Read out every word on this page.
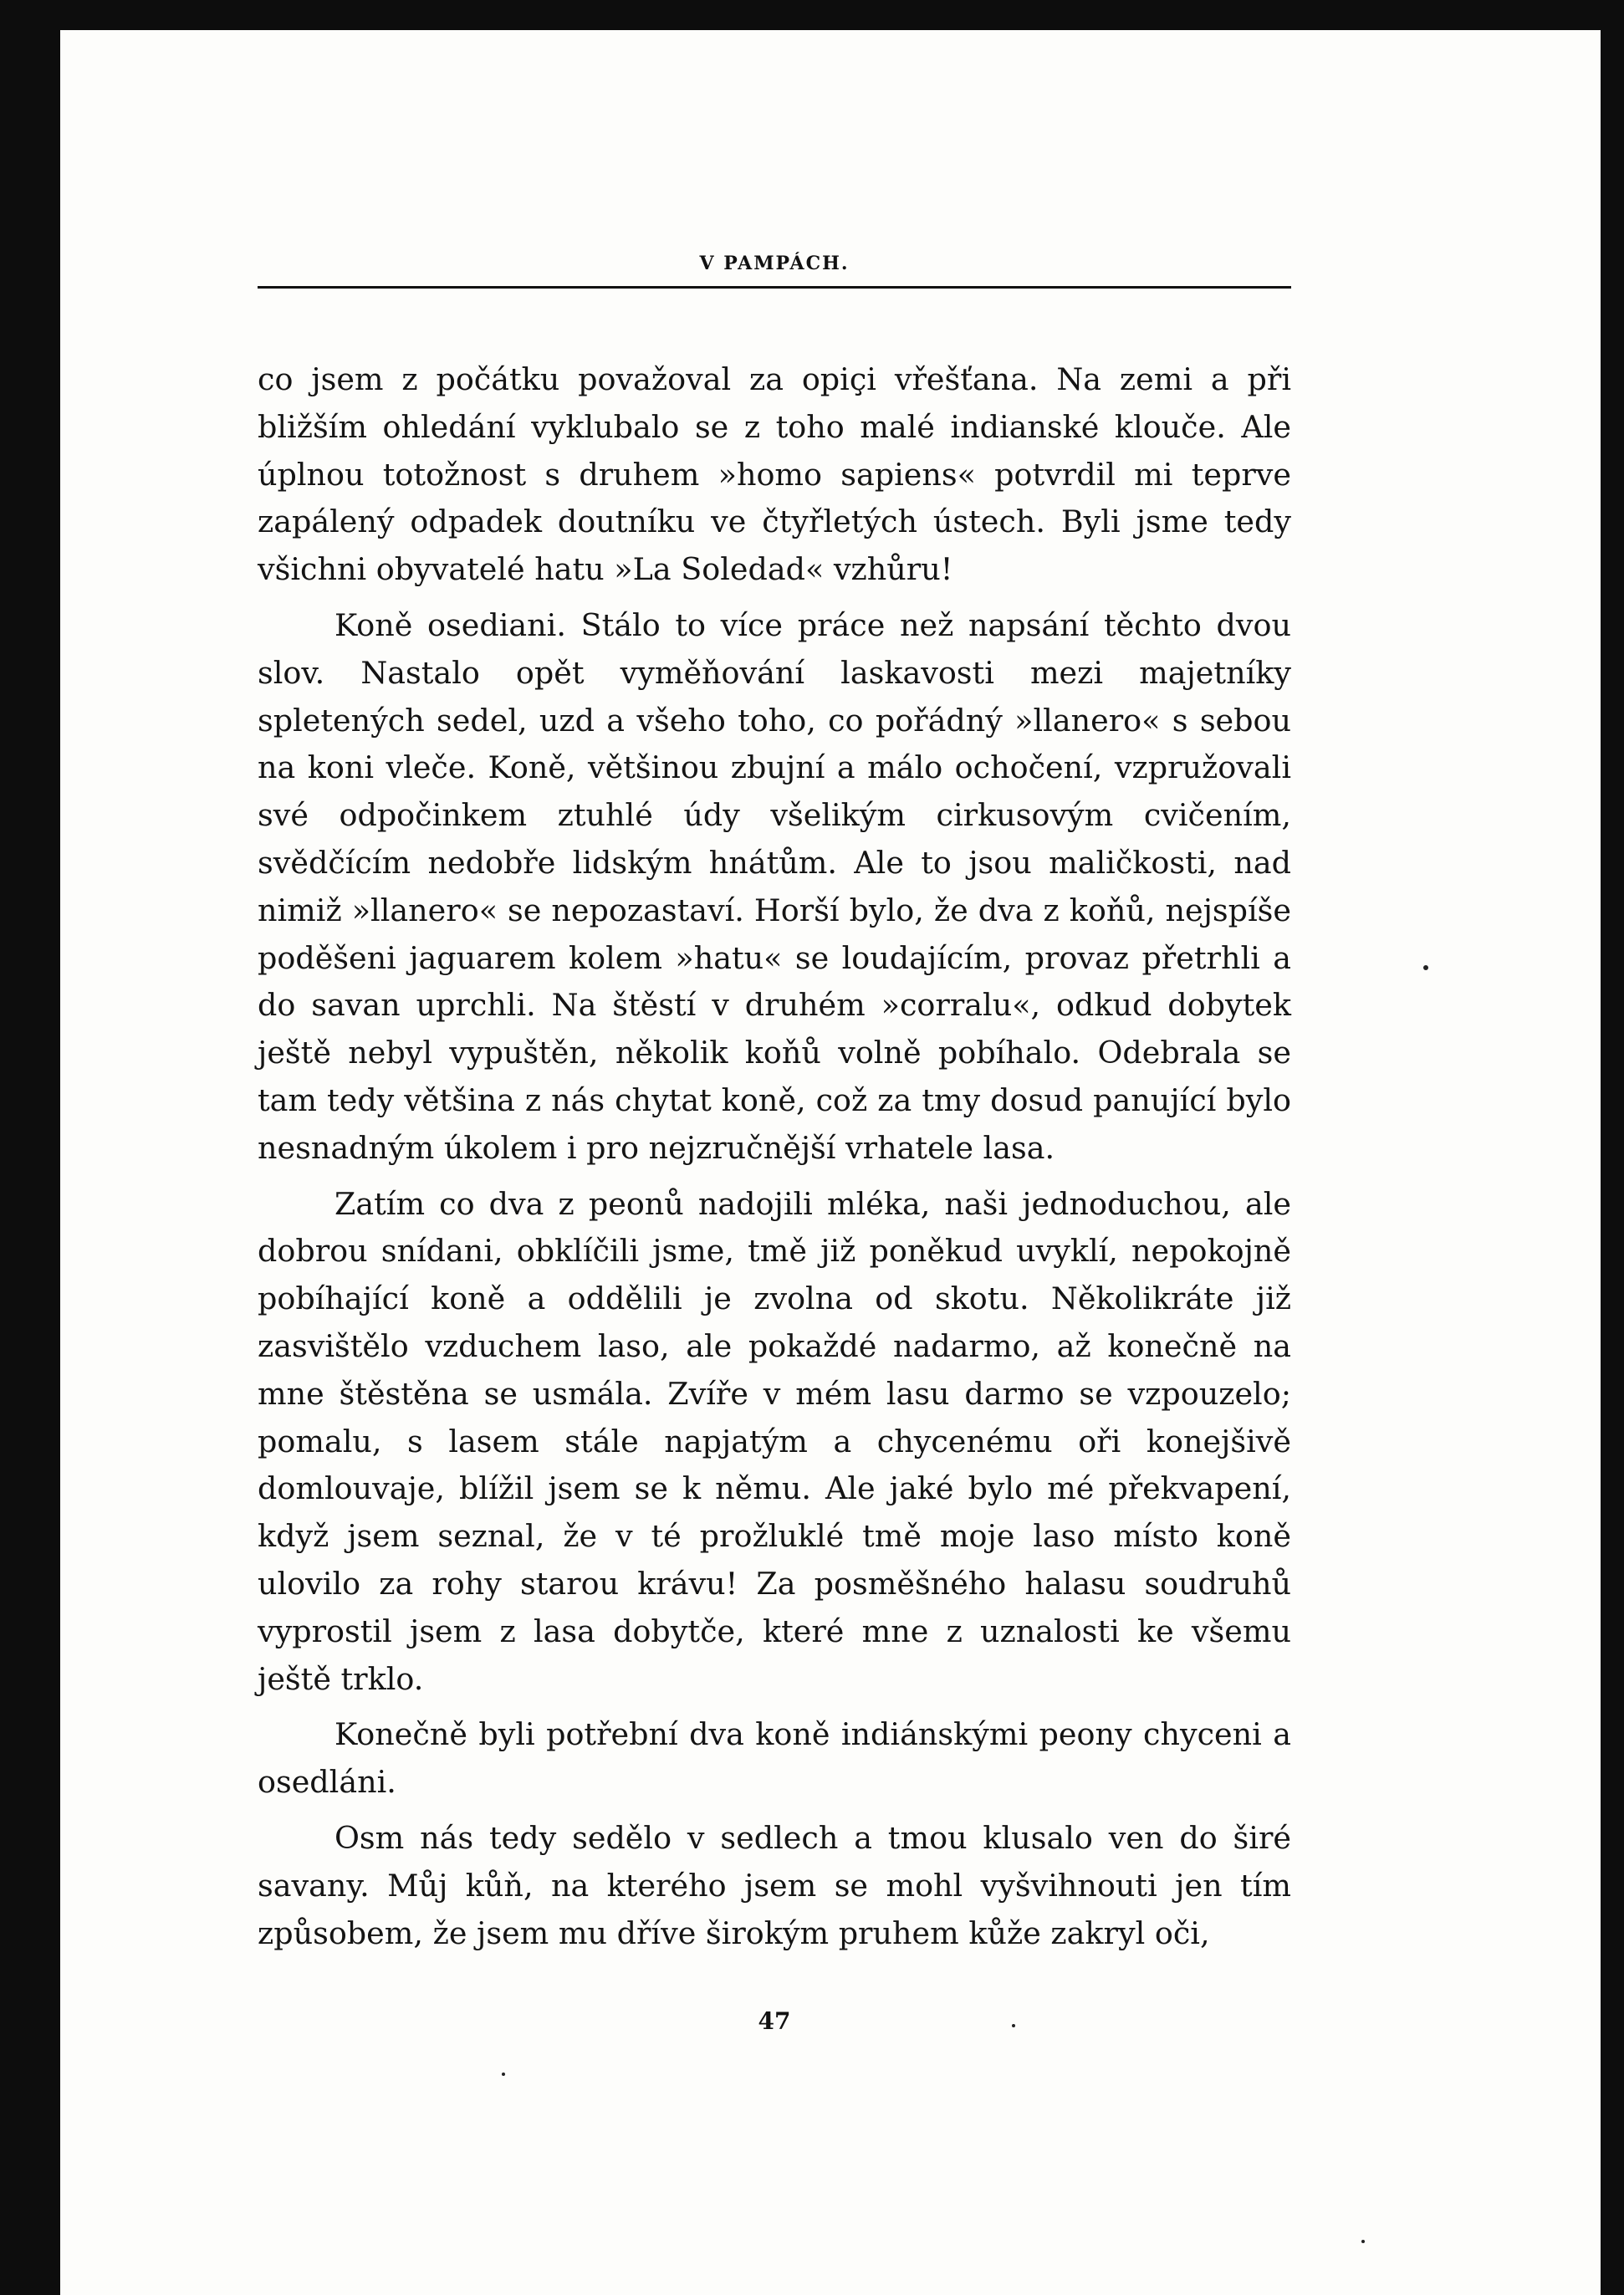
V PAMPÁCH.

co jsem z počátku považoval za opiçi vřešťana. Na zemi a při bližším ohledání vyklubalo se z toho malé indianské klouče. Ale úplnou totožnost s druhem »homo sapiens« potvrdil mi teprve zapálený odpadek doutníku ve čtyřletých ústech. Byli jsme tedy všichni obyvatelé hatu »La Soledad« vzhůru!

Koně osediani. Stálo to více práce než napsání těchto dvou slov. Nastalo opět vyměňování laskavosti mezi majetníky spletených sedel, uzd a všeho toho, co pořádný »llanero« s sebou na koni vleče. Koně, většinou zbujní a málo ochočení, vzpružovali své odpočinkem ztuhlé údy všelikým cirkusovým cvičením, svědčícím nedobře lidským hnátům. Ale to jsou maličkosti, nad nimiž »llanero« se nepozastaví. Horší bylo, že dva z koňů, nejspíše poděšeni jaguarem kolem »hatu« se loudajícím, provaz přetrhli a do savan uprchli. Na štěstí v druhém »corralu«, odkud dobytek ještě nebyl vypuštěn, několik koňů volně pobíhalo. Odebrala se tam tedy většina z nás chytat koně, což za tmy dosud panující bylo nesnadným úkolem i pro nejzručnější vrhatele lasa.

Zatím co dva z peonů nadojili mléka, naši jednoduchou, ale dobrou snídani, obklíčili jsme, tmě již poněkud uvyklí, nepokojně pobíhající koně a oddělili je zvolna od skotu. Několikráte již zasvištělo vzduchem laso, ale pokaždé nadarmo, až konečně na mne štěstěna se usmála. Zvíře v mém lasu darmo se vzpouzelo; pomalu, s lasem stále napjatým a chycenému oři konejšivě domlouvaje, blížil jsem se k němu. Ale jaké bylo mé překvapení, když jsem seznal, že v té prožluklé tmě moje laso místo koně ulovilo za rohy starou krávu! Za posměšného halasu soudruhů vyprostil jsem z lasa dobytče, které mne z uznalosti ke všemu ještě trklo.

Konečně byli potřební dva koně indiánskými peony chyceni a osedláni.

Osm nás tedy sedělo v sedlech a tmou klusalo ven do širé savany. Můj kůň, na kterého jsem se mohl vyšvihnouti jen tím způsobem, že jsem mu dříve širokým pruhem kůže zakryl oči,

47
